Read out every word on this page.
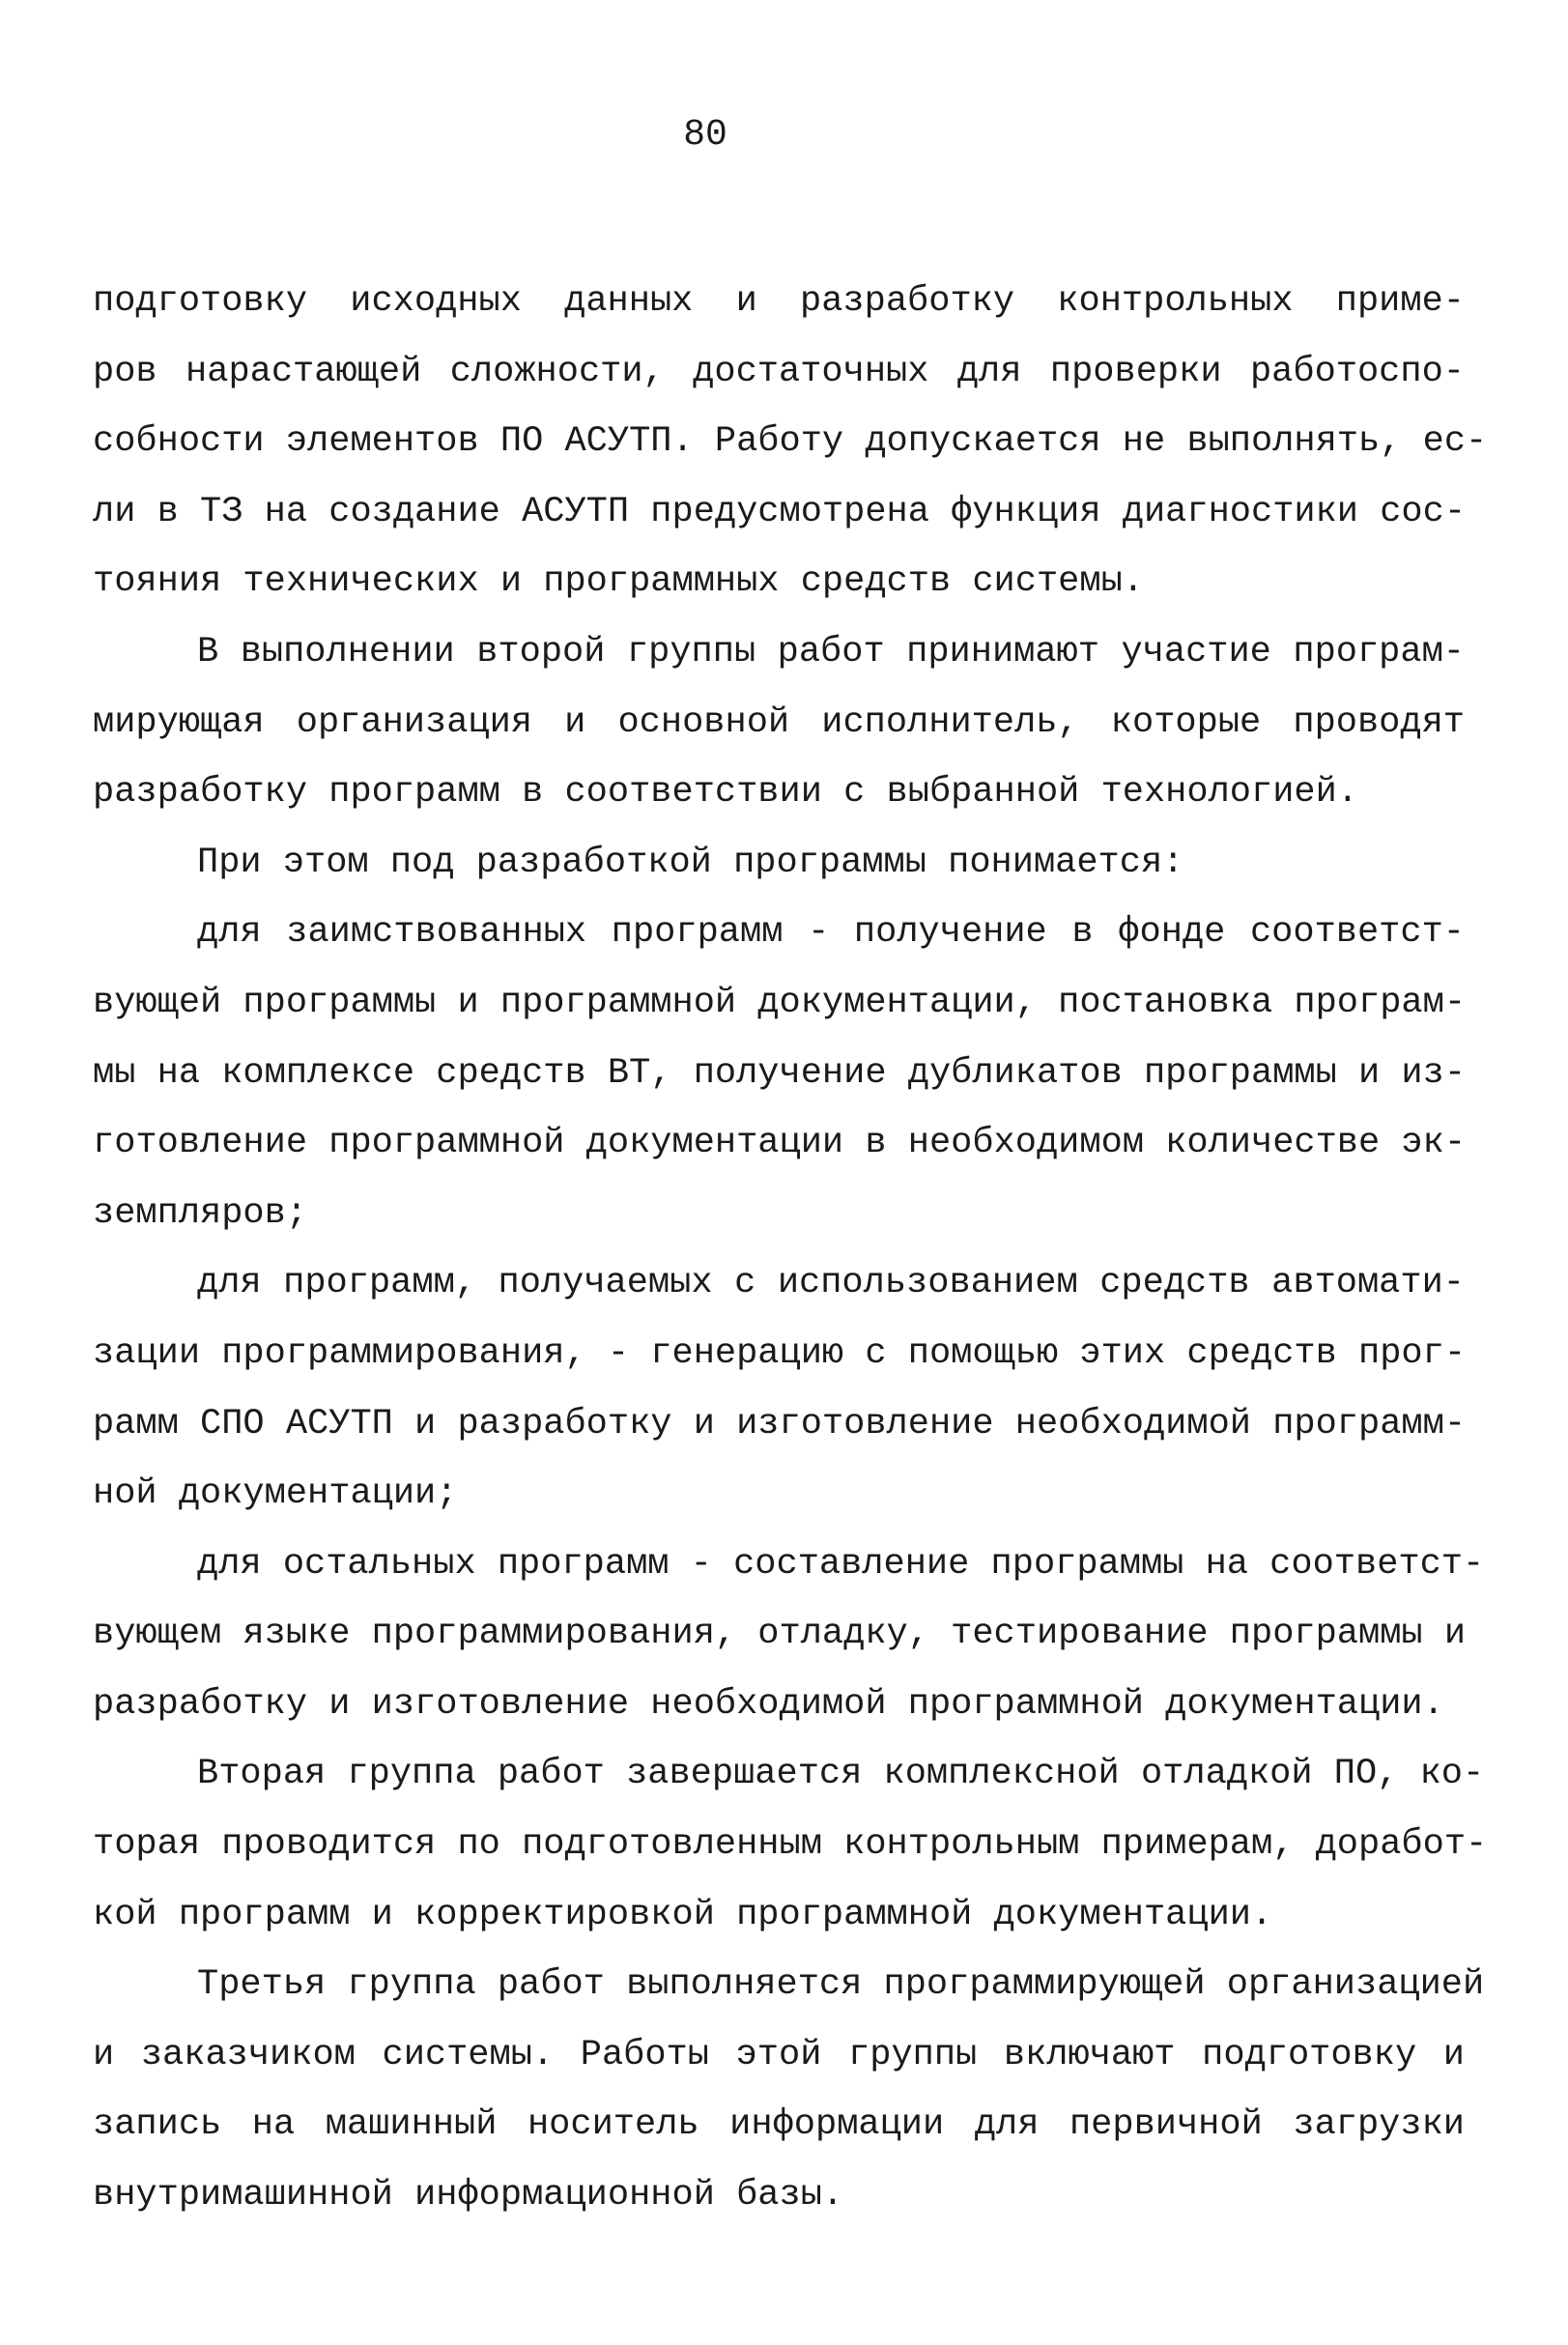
80
подготовку исходных данных и разработку контрольных приме-
ров нарастающей сложности, достаточных для проверки работоспо-
собности элементов ПО АСУТП. Работу допускается не выполнять, ес-
ли в ТЗ на создание АСУТП предусмотрена функция диагностики сос-
тояния технических и программных средств системы.
В выполнении второй группы работ принимают участие програм-
мирующая организация и основной исполнитель, которые проводят
разработку программ в соответствии с выбранной технологией.
При этом под разработкой программы понимается:
для заимствованных программ - получение в фонде соответст-
вующей программы и программной документации, постановка програм-
мы на комплексе средств ВТ, получение дубликатов программы и из-
готовление программной документации в необходимом количестве эк-
земпляров;
для программ, получаемых с использованием средств автомати-
зации программирования, - генерацию с помощью этих средств прог-
рамм СПО АСУТП и разработку и изготовление необходимой программ-
ной документации;
для остальных программ - составление программы на соответст-
вующем языке программирования, отладку, тестирование программы и
разработку и изготовление необходимой программной документации.
Вторая группа работ завершается комплексной отладкой ПО, ко-
торая проводится по подготовленным контрольным примерам, доработ-
кой программ и корректировкой программной документации.
Третья группа работ выполняется программирующей организацией
и заказчиком системы. Работы этой группы включают подготовку и
запись на машинный носитель информации для первичной загрузки
внутримашинной информационной базы.
